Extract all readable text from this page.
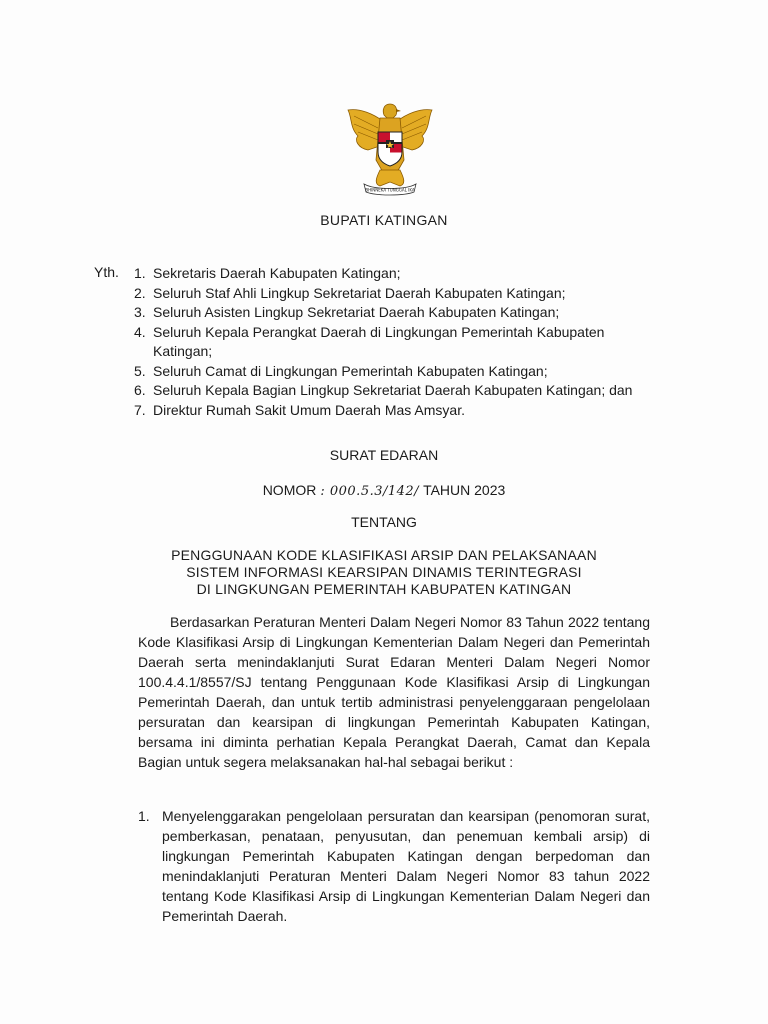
BHINNEKA TUNGGAL IKA
BUPATI KATINGAN
Yth. 1. Sekretaris Daerah Kabupaten Katingan;
2. Seluruh Staf Ahli Lingkup Sekretariat Daerah Kabupaten Katingan;
3. Seluruh Asisten Lingkup Sekretariat Daerah Kabupaten Katingan;
4. Seluruh Kepala Perangkat Daerah di Lingkungan Pemerintah Kabupaten Katingan;
5. Seluruh Camat di Lingkungan Pemerintah Kabupaten Katingan;
6. Seluruh Kepala Bagian Lingkup Sekretariat Daerah Kabupaten Katingan; dan
7. Direktur Rumah Sakit Umum Daerah Mas Amsyar.
SURAT EDARAN
NOMOR : 000.5.3/142/ TAHUN 2023
TENTANG
PENGGUNAAN KODE KLASIFIKASI ARSIP DAN PELAKSANAAN
SISTEM INFORMASI KEARSIPAN DINAMIS TERINTEGRASI
DI LINGKUNGAN PEMERINTAH KABUPATEN KATINGAN

Berdasarkan Peraturan Menteri Dalam Negeri Nomor 83 Tahun 2022 tentang Kode Klasifikasi Arsip di Lingkungan Kementerian Dalam Negeri dan Pemerintah Daerah serta menindaklanjuti Surat Edaran Menteri Dalam Negeri Nomor 100.4.4.1/8557/SJ tentang Penggunaan Kode Klasifikasi Arsip di Lingkungan Pemerintah Daerah, dan untuk tertib administrasi penyelenggaraan pengelolaan persuratan dan kearsipan di lingkungan Pemerintah Kabupaten Katingan, bersama ini diminta perhatian Kepala Perangkat Daerah, Camat dan Kepala Bagian untuk segera melaksanakan hal-hal sebagai berikut :

1. Menyelenggarakan pengelolaan persuratan dan kearsipan (penomoran surat, pemberkasan, penataan, penyusutan, dan penemuan kembali arsip) di lingkungan Pemerintah Kabupaten Katingan dengan berpedoman dan menindaklanjuti Peraturan Menteri Dalam Negeri Nomor 83 tahun 2022 tentang Kode Klasifikasi Arsip di Lingkungan Kementerian Dalam Negeri dan Pemerintah Daerah.
